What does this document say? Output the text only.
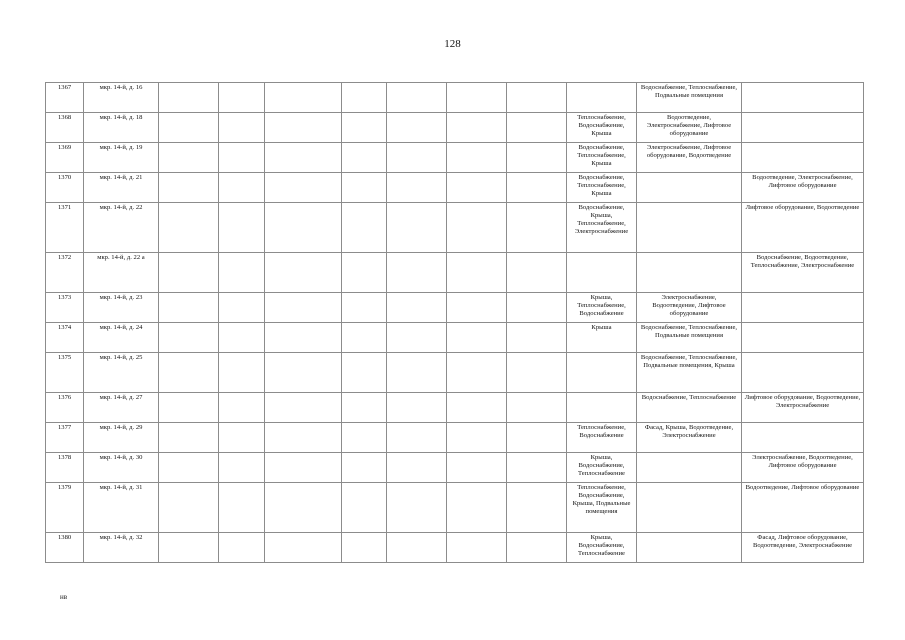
128
1367	мкр. 14-й, д. 16									Водоснабжение, Теплоснабжение, Подвальные помещения	
1368	мкр. 14-й, д. 18								Теплоснабжение, Водоснабжение, Крыша	Водоотведение, Электроснабжение, Лифтовое оборудование	
1369	мкр. 14-й, д. 19								Водоснабжение, Теплоснабжение, Крыша	Электроснабжение, Лифтовое оборудование, Водоотведение	
1370	мкр. 14-й, д. 21								Водоснабжение, Теплоснабжение, Крыша		Водоотведение, Электроснабжение, Лифтовое оборудование
1371	мкр. 14-й, д. 22								Водоснабжение, Крыша, Теплоснабжение, Электроснабжение		Лифтовое оборудование, Водоотведение
1372	мкр. 14-й, д. 22 а										Водоснабжение, Водоотведение, Теплоснабжение, Электроснабжение
1373	мкр. 14-й, д. 23								Крыша, Теплоснабжение, Водоснабжение	Электроснабжение, Водоотведение, Лифтовое оборудование	
1374	мкр. 14-й, д. 24								Крыша	Водоснабжение, Теплоснабжение, Подвальные помещения	
1375	мкр. 14-й, д. 25									Водоснабжение, Теплоснабжение, Подвальные помещения, Крыша	
1376	мкр. 14-й, д. 27									Водоснабжение, Теплоснабжение	Лифтовое оборудование, Водоотведение, Электроснабжение
1377	мкр. 14-й, д. 29								Теплоснабжение, Водоснабжение	Фасад, Крыша, Водоотведение, Электроснабжение	
1378	мкр. 14-й, д. 30								Крыша, Водоснабжение, Теплоснабжение		Электроснабжение, Водоотведение, Лифтовое оборудование
1379	мкр. 14-й, д. 31								Теплоснабжение, Водоснабжение, Крыша, Подвальные помещения		Водоотведение, Лифтовое оборудование
1380	мкр. 14-й, д. 32								Крыша, Водоснабжение, Теплоснабжение		Фасад, Лифтовое оборудование, Водоотведение, Электроснабжение
нв
